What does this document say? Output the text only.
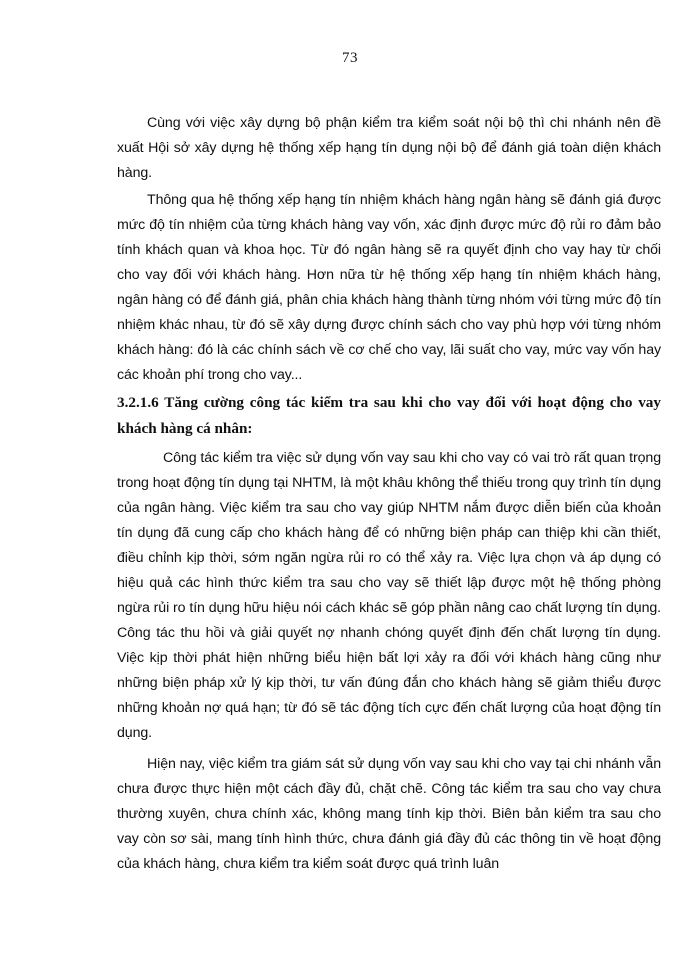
73

Cùng với việc xây dựng bộ phận kiểm tra kiểm soát nội bộ thì chi nhánh nên đề xuất Hội sở xây dựng hệ thống xếp hạng tín dụng nội bộ để đánh giá toàn diện khách hàng.

Thông qua hệ thống xếp hạng tín nhiệm khách hàng ngân hàng sẽ đánh giá được mức độ tín nhiệm của từng khách hàng vay vốn, xác định được mức độ rủi ro đảm bảo tính khách quan và khoa học. Từ đó ngân hàng sẽ ra quyết định cho vay hay từ chối cho vay đối với khách hàng. Hơn nữa từ hệ thống xếp hạng tín nhiệm khách hàng, ngân hàng có để đánh giá, phân chia khách hàng thành từng nhóm với từng mức độ tín nhiệm khác nhau, từ đó sẽ xây dựng được chính sách cho vay phù hợp với từng nhóm khách hàng: đó là các chính sách về cơ chế cho vay, lãi suất cho vay, mức vay vốn hay các khoản phí trong cho vay...

3.2.1.6 Tăng cường công tác kiểm tra sau khi cho vay đối với hoạt động cho vay khách hàng cá nhân:

Công tác kiểm tra việc sử dụng vốn vay sau khi cho vay có vai trò rất quan trọng trong hoạt động tín dụng tại NHTM, là một khâu không thể thiếu trong quy trình tín dụng của ngân hàng. Việc kiểm tra sau cho vay giúp NHTM nắm được diễn biến của khoản tín dụng đã cung cấp cho khách hàng để có những biện pháp can thiệp khi cần thiết, điều chỉnh kịp thời, sớm ngăn ngừa rủi ro có thể xảy ra. Việc lựa chọn và áp dụng có hiệu quả các hình thức kiểm tra sau cho vay sẽ thiết lập được một hệ thống phòng ngừa rủi ro tín dụng hữu hiệu nói cách khác sẽ góp phần nâng cao chất lượng tín dụng. Công tác thu hồi và giải quyết nợ nhanh chóng quyết định đến chất lượng tín dụng. Việc kịp thời phát hiện những biểu hiện bất lợi xảy ra đối với khách hàng cũng như những biện pháp xử lý kịp thời, tư vấn đúng đắn cho khách hàng sẽ giảm thiểu được những khoản nợ quá hạn; từ đó sẽ tác động tích cực đến chất lượng của hoạt động tín dụng.

Hiện nay, việc kiểm tra giám sát sử dụng vốn vay sau khi cho vay tại chi nhánh vẫn chưa được thực hiện một cách đầy đủ, chặt chẽ. Công tác kiểm tra sau cho vay chưa thường xuyên, chưa chính xác, không mang tính kịp thời. Biên bản kiểm tra sau cho vay còn sơ sài, mang tính hình thức, chưa đánh giá đầy đủ các thông tin về hoạt động của khách hàng, chưa kiểm tra kiểm soát được quá trình luân
